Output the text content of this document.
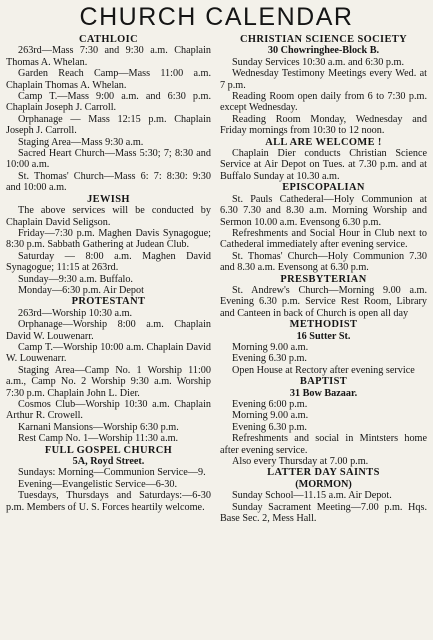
CHURCH CALENDAR
CATHLOIC

263rd—Mass 7:30 and 9:30 a.m. Chaplain Thomas A. Whelan.

Garden Reach Camp—Mass 11:00 a.m. Chaplain Thomas A. Whelan.

Camp T.—Mass 9:00 a.m. and 6:30 p.m. Chaplain Joseph J. Carroll.

Orphanage — Mass 12:15 p.m. Chaplain Joseph J. Carroll.

Staging Area—Mass 9:30 a.m.

Sacred Heart Church—Mass 5:30; 7; 8:30 and 10:00 a.m.

St. Thomas' Church—Mass 6: 7: 8:30: 9:30 and 10:00 a.m.

JEWISH

The above services will be conducted by Chaplain David Seligson.

Friday—7:30 p.m. Maghen Davis Synagogue; 8:30 p.m. Sabbath Gathering at Judean Club.

Saturday — 8:00 a.m. Maghen David Synagogue; 11:15 at 263rd.

Sunday—9:30 a.m. Buffalo.

Monday—6:30 p.m. Air Depot

PROTESTANT

263rd—Worship 10:30 a.m.

Orphanage—Worship 8:00 a.m. Chaplain David W. Louwenarr.

Camp T.—Worship 10:00 a.m. Chaplain David W. Louwenarr.

Staging Area—Camp No. 1 Worship 11:00 a.m., Camp No. 2 Worship 9:30 a.m. Worship 7:30 p.m. Chaplain John L. Dier.

Cosmos Club—Worship 10:30 a.m. Chaplain Arthur R. Crowell.

Karnani Mansions—Worship 6:30 p.m.

Rest Camp No. 1—Worship 11:30 a.m.

FULL GOSPEL CHURCH
5A, Royd Street.

Sundays: Morning—Communion Service—9.

Evening—Evangelistic Service—6-30.

Tuesdays, Thursdays and Saturdays:—6-30 p.m. Members of U. S. Forces heartily welcome.

CHRISTIAN SCIENCE SOCIETY
30 Chowringhee-Block B.

Sunday Services 10:30 a.m. and 6:30 p.m.

Wednesday Testimony Meetings every Wed. at 7 p.m.

Reading Room open daily from 6 to 7:30 p.m. except Wednesday.

Reading Room Monday, Wednesday and Friday mornings from 10:30 to 12 noon.

ALL ARE WELCOME !

Chaplain Dier conducts Christian Science Service at Air Depot on Tues. at 7.30 p.m. and at Buffalo Sunday at 10.30 a.m.

EPISCOPALIAN

St. Pauls Cathederal—Holy Communion at 6.30 7.30 and 8.30 a.m. Morning Worship and Sermon 10.00 a.m. Evensong 6.30 p.m.

Refreshments and Social Hour in Club next to Cathederal immediately after evening service.

St. Thomas' Church—Holy Communion 7.30 and 8.30 a.m. Evensong at 6.30 p.m.

PRESBYTERIAN

St. Andrew's Church—Morning 9.00 a.m. Evening 6.30 p.m. Service Rest Room, Library and Canteen in back of Church is open all day

METHODIST
16 Sutter St.

Morning 9.00 a.m.

Evening 6.30 p.m.

Open House at Rectory after evening service

BAPTIST
31 Bow Bazaar.

Evening 6:00 p.m.

Morning 9.00 a.m.

Evening 6.30 p.m.

Refreshments and social in Mintsters home after evening service.

Also every Thursday at 7.00 p.m.

LATTER DAY SAINTS
(MORMON)

Sunday School—11.15 a.m. Air Depot.

Sunday Sacrament Meeting—7.00 p.m. Hqs. Base Sec. 2, Mess Hall.
